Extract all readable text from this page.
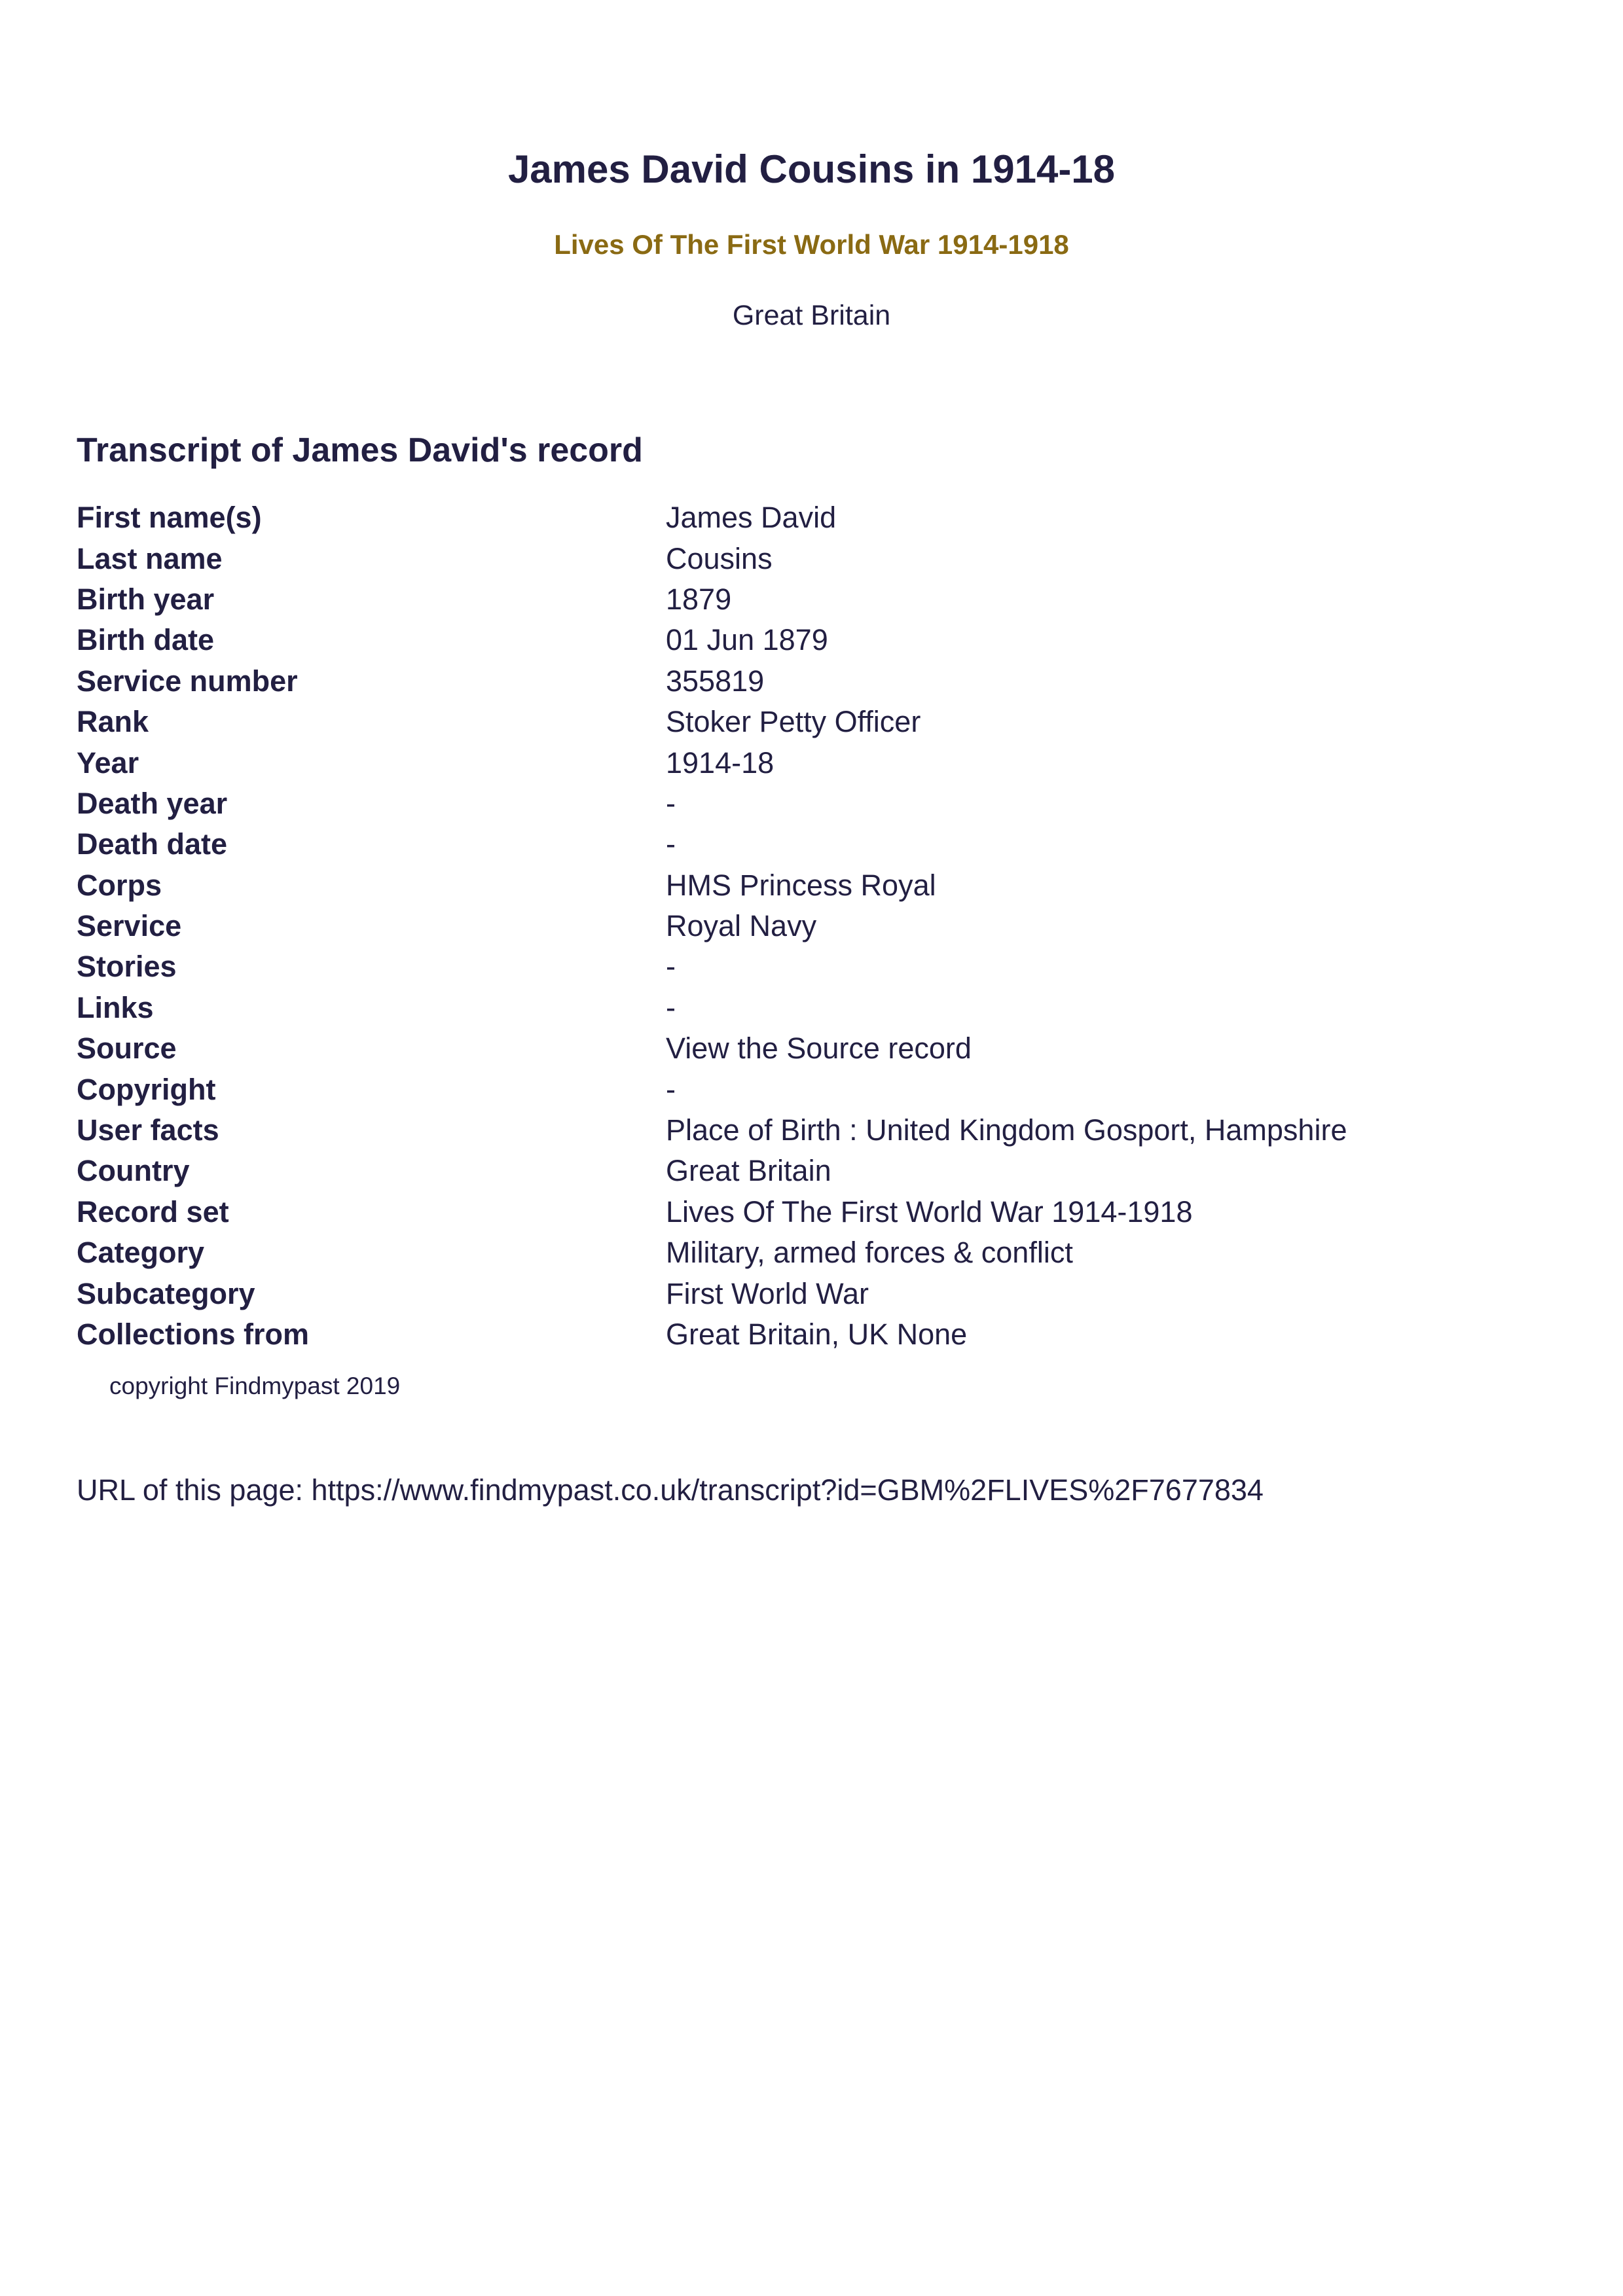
James David Cousins in 1914-18
Lives Of The First World War 1914-1918
Great Britain
Transcript of James David's record
First name(s)	James David
Last name	Cousins
Birth year	1879
Birth date	01 Jun 1879
Service number	355819
Rank	Stoker Petty Officer
Year	1914-18
Death year	-
Death date	-
Corps	HMS Princess Royal
Service	Royal Navy
Stories	-
Links	-
Source	View the Source record
Copyright	-
User facts	Place of Birth : United Kingdom Gosport, Hampshire
Country	Great Britain
Record set	Lives Of The First World War 1914-1918
Category	Military, armed forces & conflict
Subcategory	First World War
Collections from	Great Britain, UK None
copyright Findmypast 2019
URL of this page: https://www.findmypast.co.uk/transcript?id=GBM%2FLIVES%2F7677834
